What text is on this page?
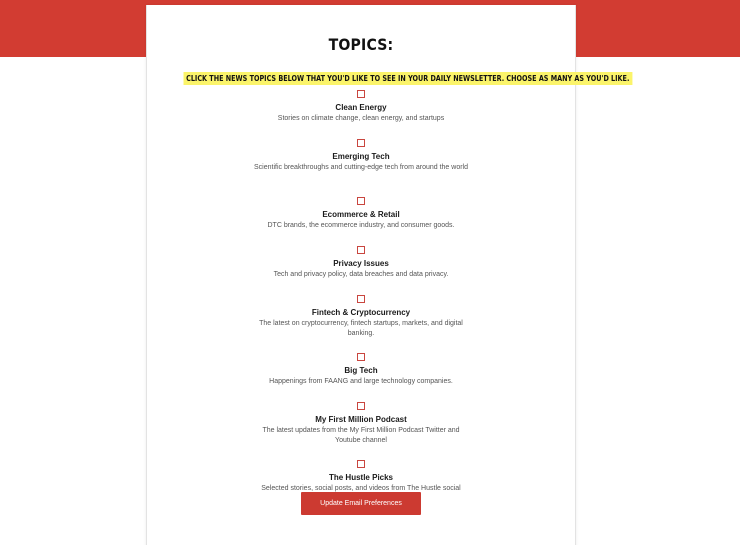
TOPICS:
CLICK THE NEWS TOPICS BELOW THAT YOU'D LIKE TO SEE IN YOUR DAILY NEWSLETTER. CHOOSE AS MANY AS YOU'D LIKE.
Clean Energy
Stories on climate change, clean energy, and startups
Emerging Tech
Scientific breakthroughs and cutting-edge tech from around the world
Ecommerce & Retail
DTC brands, the ecommerce industry, and consumer goods.
Privacy Issues
Tech and privacy policy, data breaches and data privacy.
Fintech & Cryptocurrency
The latest on cryptocurrency, fintech startups, markets, and digital banking.
Big Tech
Happenings from FAANG and large technology companies.
My First Million Podcast
The latest updates from the My First Million Podcast Twitter and Youtube channel
The Hustle Picks
Selected stories, social posts, and videos from The Hustle social
Update Email Preferences
